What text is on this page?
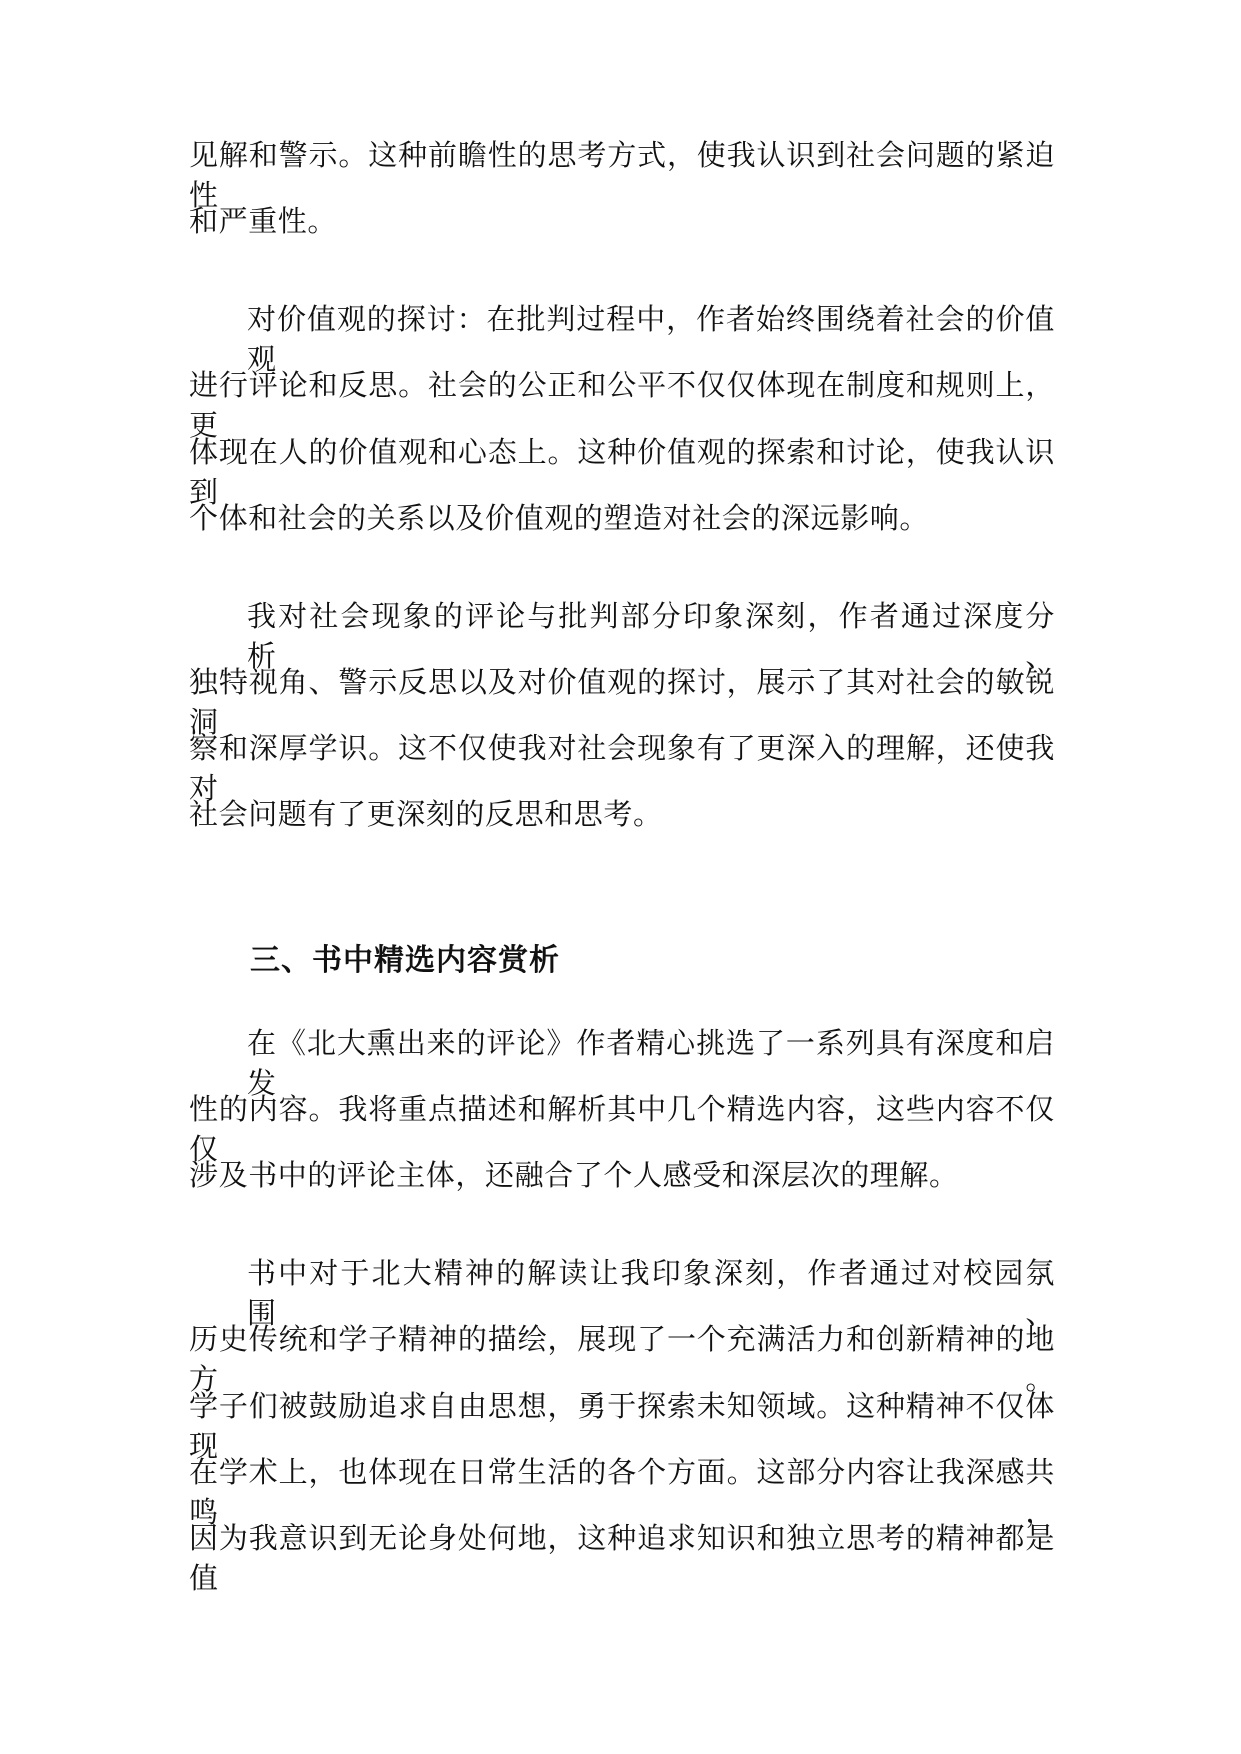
见解和警示。这种前瞻性的思考方式，使我认识到社会问题的紧迫性
和严重性。
对价值观的探讨：在批判过程中，作者始终围绕着社会的价值观
进行评论和反思。社会的公正和公平不仅仅体现在制度和规则上，更
体现在人的价值观和心态上。这种价值观的探索和讨论，使我认识到
个体和社会的关系以及价值观的塑造对社会的深远影响。
我对社会现象的评论与批判部分印象深刻，作者通过深度分析、
独特视角、警示反思以及对价值观的探讨，展示了其对社会的敏锐洞
察和深厚学识。这不仅使我对社会现象有了更深入的理解，还使我对
社会问题有了更深刻的反思和思考。
三、书中精选内容赏析
在《北大熏出来的评论》作者精心挑选了一系列具有深度和启发
性的内容。我将重点描述和解析其中几个精选内容，这些内容不仅仅
涉及书中的评论主体，还融合了个人感受和深层次的理解。
书中对于北大精神的解读让我印象深刻，作者通过对校园氛围、
历史传统和学子精神的描绘，展现了一个充满活力和创新精神的地方。
学子们被鼓励追求自由思想，勇于探索未知领域。这种精神不仅体现
在学术上，也体现在日常生活的各个方面。这部分内容让我深感共鸣，
因为我意识到无论身处何地，这种追求知识和独立思考的精神都是值
